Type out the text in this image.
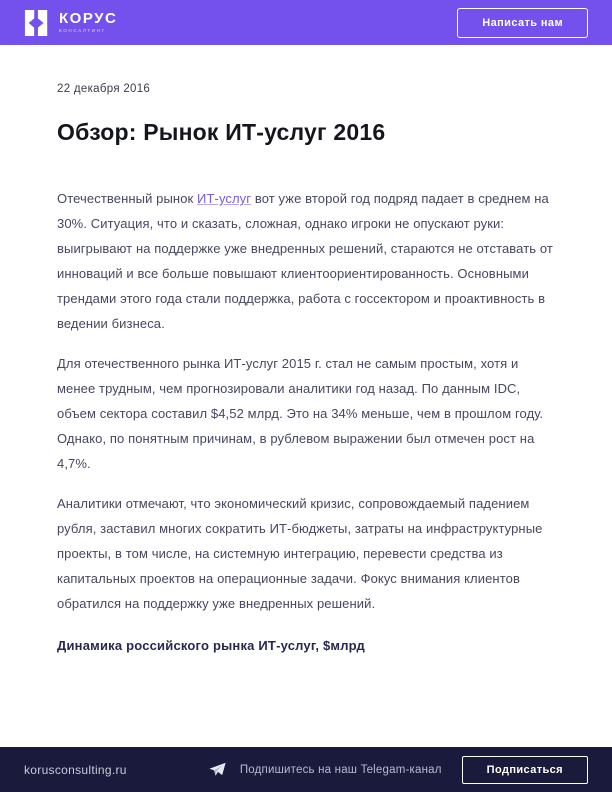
КОРУС
КОНСАЛТИНГ
Написать нам
22 декабря 2016
Обзор: Рынок ИТ-услуг 2016

Отечественный рынок ИТ-услуг вот уже второй год подряд падает в среднем на 30%. Ситуация, что и сказать, сложная, однако игроки не опускают руки: выигрывают на поддержке уже внедренных решений, стараются не отставать от инноваций и все больше повышают клиентоориентированность. Основными трендами этого года стали поддержка, работа с госсектором и проактивность в ведении бизнеса.

Для отечественного рынка ИТ-услуг 2015 г. стал не самым простым, хотя и менее трудным, чем прогнозировали аналитики год назад. По данным IDC, объем сектора составил $4,52 млрд. Это на 34% меньше, чем в прошлом году. Однако, по понятным причинам, в рублевом выражении был отмечен рост на 4,7%.

Аналитики отмечают, что экономический кризис, сопровождаемый падением рубля, заставил многих сократить ИТ-бюджеты, затраты на инфраструктурные проекты, в том числе, на системную интеграцию, перевести средства из капитальных проектов на операционные задачи. Фокус внимания клиентов обратился на поддержку уже внедренных решений.

Динамика российского рынка ИТ-услуг, $млрд
korusconsulting.ru	Подпишитесь на наш Telegam-канал	Подписаться
